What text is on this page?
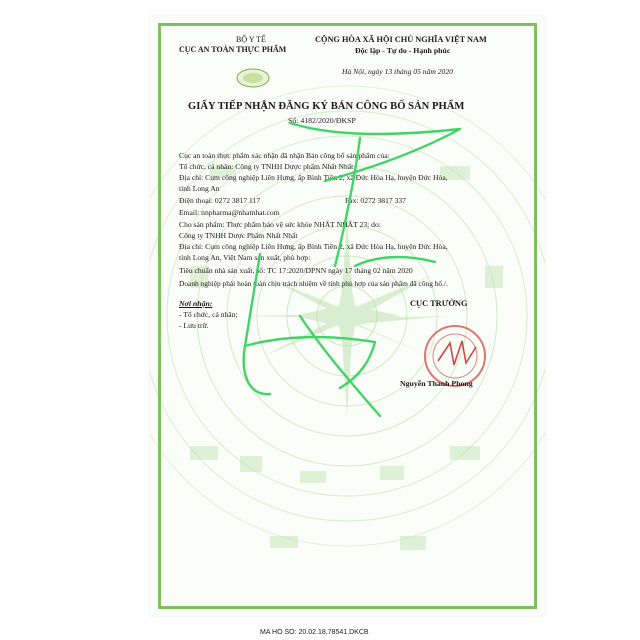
BỘ Y TẾ
CỤC AN TOÀN THỰC PHẨM
CỘNG HÒA XÃ HỘI CHỦ NGHĨA VIỆT NAM
Độc lập - Tự do - Hạnh phúc
Hà Nội, ngày 13 tháng 05 năm 2020
GIẤY TIẾP NHẬN ĐĂNG KÝ BẢN CÔNG BỐ SẢN PHẨM
Số: 4182/2020/ĐKSP
Cục an toàn thực phẩm xác nhận đã nhận Bản công bố sản phẩm của:
Tổ chức, cá nhân: Công ty TNHH Dược phẩm Nhất Nhất
Địa chỉ: Cụm công nghiệp Liên Hưng, ấp Bình Tiền 2, xã Đức Hòa Hạ, huyện Đức Hòa,
tỉnh Long An
Điện thoại: 0272 3817 117	Fax: 0272 3817 337
Email: nnpharma@nhatnhat.com
Cho sản phẩm: Thực phẩm bảo vệ sức khỏe NHẤT NHẤT 23; do:
Công ty TNHH Dược Phẩm Nhất Nhất
Địa chỉ: Cụm công nghiệp Liên Hưng, ấp Bình Tiền 2, xã Đức Hòa Hạ, huyện Đức Hòa,
tỉnh Long An, Việt Nam sản xuất, phù hợp:
Tiêu chuẩn nhà sản xuất, số: TC 17:2020/DPNN ngày 17 tháng 02 năm 2020
Doanh nghiệp phải hoàn toàn chịu trách nhiệm về tính phù hợp của sản phẩm đã công bố./.
Nơi nhận:
- Tổ chức, cá nhân;
- Lưu trữ.
CỤC TRƯỞNG
Nguyễn Thanh Phong
MA HO SO: 20.02.18.78541.DKCB
